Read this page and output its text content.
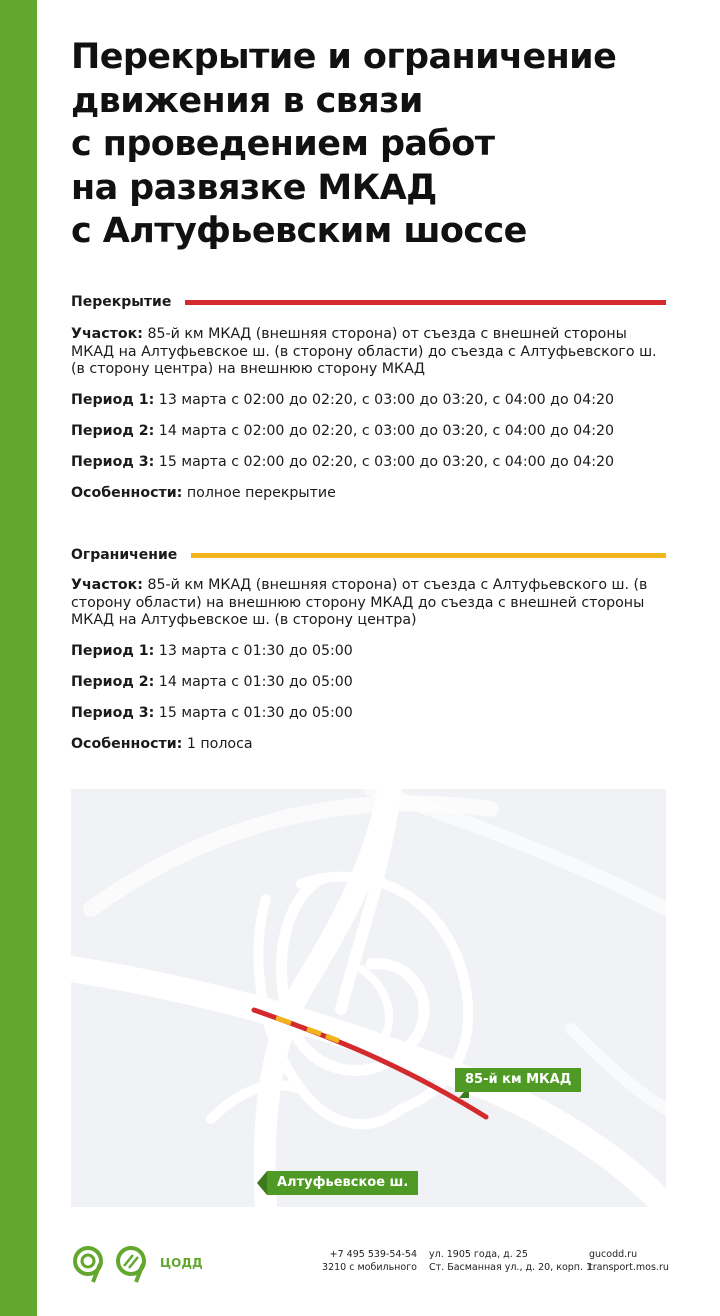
Перекрытие и ограничение
движения в связи
с проведением работ
на развязке МКАД
с Алтуфьевским шоссе
Перекрытие

Участок: 85-й км МКАД (внешняя сторона) от съезда с внешней стороны МКАД на Алтуфьевское ш. (в сторону области) до съезда с Алтуфьевского ш. (в сторону центра) на внешнюю сторону МКАД

Период 1: 13 марта с 02:00 до 02:20, с 03:00 до 03:20, с 04:00 до 04:20
Период 2: 14 марта с 02:00 до 02:20, с 03:00 до 03:20, с 04:00 до 04:20
Период 3: 15 марта с 02:00 до 02:20, с 03:00 до 03:20, с 04:00 до 04:20
Особенности: полное перекрытие
Ограничение

Участок: 85-й км МКАД (внешняя сторона) от съезда с Алтуфьевского ш. (в сторону области) на внешнюю сторону МКАД до съезда с внешней стороны МКАД на Алтуфьевское ш. (в сторону центра)

Период 1: 13 марта с 01:30 до 05:00
Период 2: 14 марта с 01:30 до 05:00
Период 3: 15 марта с 01:30 до 05:00
Особенности: 1 полоса
85-й км МКАД
Алтуфьевское ш.
ЦОДД
+7 495 539-54-54
3210 с мобильного
ул. 1905 года, д. 25
Ст. Басманная ул., д. 20, корп. 1
gucodd.ru
transport.mos.ru
